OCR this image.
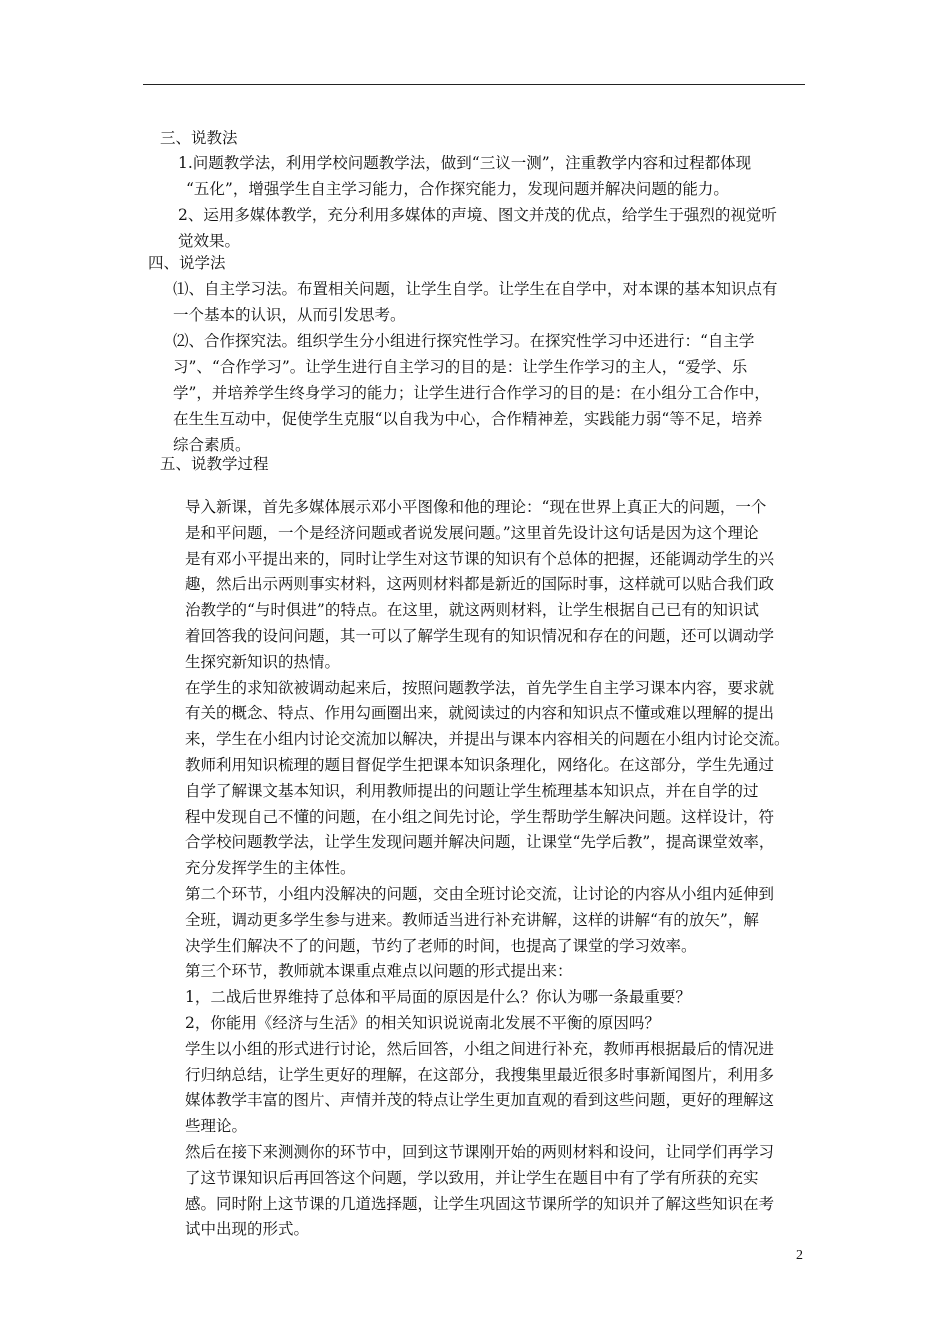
三、说教法
1.问题教学法，利用学校问题教学法，做到“三议一测”，注重教学内容和过程都体现
“五化”，增强学生自主学习能力，合作探究能力，发现问题并解决问题的能力。
2、运用多媒体教学，充分利用多媒体的声境、图文并茂的优点，给学生于强烈的视觉听
觉效果。
四、说学法
⑴、自主学习法。布置相关问题，让学生自学。让学生在自学中，对本课的基本知识点有
一个基本的认识，从而引发思考。
⑵、合作探究法。组织学生分小组进行探究性学习。在探究性学习中还进行：“自主学
习”、“合作学习”。让学生进行自主学习的目的是：让学生作学习的主人，“爱学、乐
学”，并培养学生终身学习的能力；让学生进行合作学习的目的是：在小组分工合作中，
在生生互动中，促使学生克服“以自我为中心，合作精神差，实践能力弱“等不足，培养
综合素质。
五、说教学过程
导入新课，首先多媒体展示邓小平图像和他的理论：“现在世界上真正大的问题，一个
是和平问题，一个是经济问题或者说发展问题。”这里首先设计这句话是因为这个理论
是有邓小平提出来的，同时让学生对这节课的知识有个总体的把握，还能调动学生的兴
趣，然后出示两则事实材料，这两则材料都是新近的国际时事，这样就可以贴合我们政
治教学的“与时俱进”的特点。在这里，就这两则材料，让学生根据自己已有的知识试
着回答我的设问问题，其一可以了解学生现有的知识情况和存在的问题，还可以调动学
生探究新知识的热情。
在学生的求知欲被调动起来后，按照问题教学法，首先学生自主学习课本内容，要求就
有关的概念、特点、作用勾画圈出来，就阅读过的内容和知识点不懂或难以理解的提出
来，学生在小组内讨论交流加以解决，并提出与课本内容相关的问题在小组内讨论交流。
教师利用知识梳理的题目督促学生把课本知识条理化，网络化。在这部分，学生先通过
自学了解课文基本知识，利用教师提出的问题让学生梳理基本知识点，并在自学的过
程中发现自己不懂的问题，在小组之间先讨论，学生帮助学生解决问题。这样设计，符
合学校问题教学法，让学生发现问题并解决问题，让课堂“先学后教”，提高课堂效率，
充分发挥学生的主体性。
第二个环节，小组内没解决的问题，交由全班讨论交流，让讨论的内容从小组内延伸到
全班，调动更多学生参与进来。教师适当进行补充讲解，这样的讲解“有的放矢”，解
决学生们解决不了的问题，节约了老师的时间，也提高了课堂的学习效率。
第三个环节，教师就本课重点难点以问题的形式提出来：
1，二战后世界维持了总体和平局面的原因是什么？你认为哪一条最重要？
2，你能用《经济与生活》的相关知识说说南北发展不平衡的原因吗？
学生以小组的形式进行讨论，然后回答，小组之间进行补充，教师再根据最后的情况进
行归纳总结，让学生更好的理解，在这部分，我搜集里最近很多时事新闻图片，利用多
媒体教学丰富的图片、声情并茂的特点让学生更加直观的看到这些问题，更好的理解这
些理论。
然后在接下来测测你的环节中，回到这节课刚开始的两则材料和设问，让同学们再学习
了这节课知识后再回答这个问题，学以致用，并让学生在题目中有了学有所获的充实
感。同时附上这节课的几道选择题，让学生巩固这节课所学的知识并了解这些知识在考
试中出现的形式。
2
